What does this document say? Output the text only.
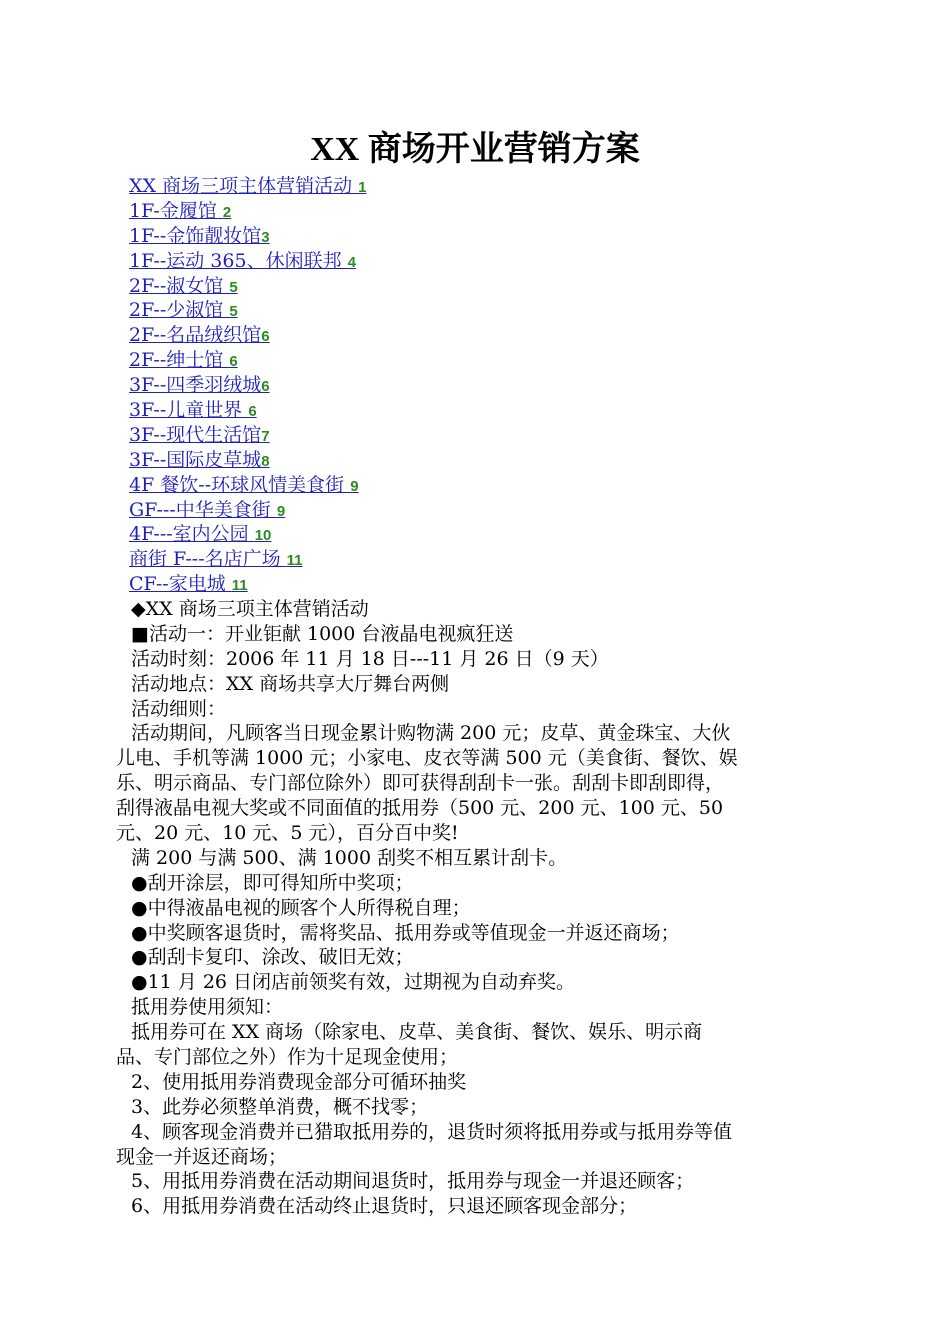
XX 商场开业营销方案
XX 商场三项主体营销活动 1
1F-金履馆 2
1F--金饰靓妆馆3
1F--运动 365、休闲联邦 4
2F--淑女馆 5
2F--少淑馆 5
2F--名品绒织馆6
2F--绅士馆 6
3F--四季羽绒城6
3F--儿童世界 6
3F--现代生活馆7
3F--国际皮草城8
4F 餐饮--环球风情美食街 9
GF---中华美食街 9
4F---室内公园 10
商街 F---名店广场 11
CF--家电城 11
◆XX 商场三项主体营销活动
■活动一：开业钜献 1000 台液晶电视疯狂送
活动时刻：2006 年 11 月 18 日---11 月 26 日（9 天）
活动地点：XX 商场共享大厅舞台两侧
活动细则：
活动期间，凡顾客当日现金累计购物满 200 元；皮草、黄金珠宝、大伙
儿电、手机等满 1000 元；小家电、皮衣等满 500 元（美食街、餐饮、娱
乐、明示商品、专门部位除外）即可获得刮刮卡一张。刮刮卡即刮即得，
刮得液晶电视大奖或不同面值的抵用券（500 元、200 元、100 元、50
元、20 元、10 元、5 元），百分百中奖!
满 200 与满 500、满 1000 刮奖不相互累计刮卡。
●刮开涂层，即可得知所中奖项；
●中得液晶电视的顾客个人所得税自理；
●中奖顾客退货时，需将奖品、抵用券或等值现金一并返还商场；
●刮刮卡复印、涂改、破旧无效；
●11 月 26 日闭店前领奖有效，过期视为自动弃奖。
抵用券使用须知：
抵用券可在 XX 商场（除家电、皮草、美食街、餐饮、娱乐、明示商
品、专门部位之外）作为十足现金使用；
2、使用抵用券消费现金部分可循环抽奖
3、此券必须整单消费，概不找零；
4、顾客现金消费并已猎取抵用券的，退货时须将抵用券或与抵用券等值
现金一并返还商场；
5、用抵用券消费在活动期间退货时，抵用券与现金一并退还顾客；
6、用抵用券消费在活动终止退货时，只退还顾客现金部分；
